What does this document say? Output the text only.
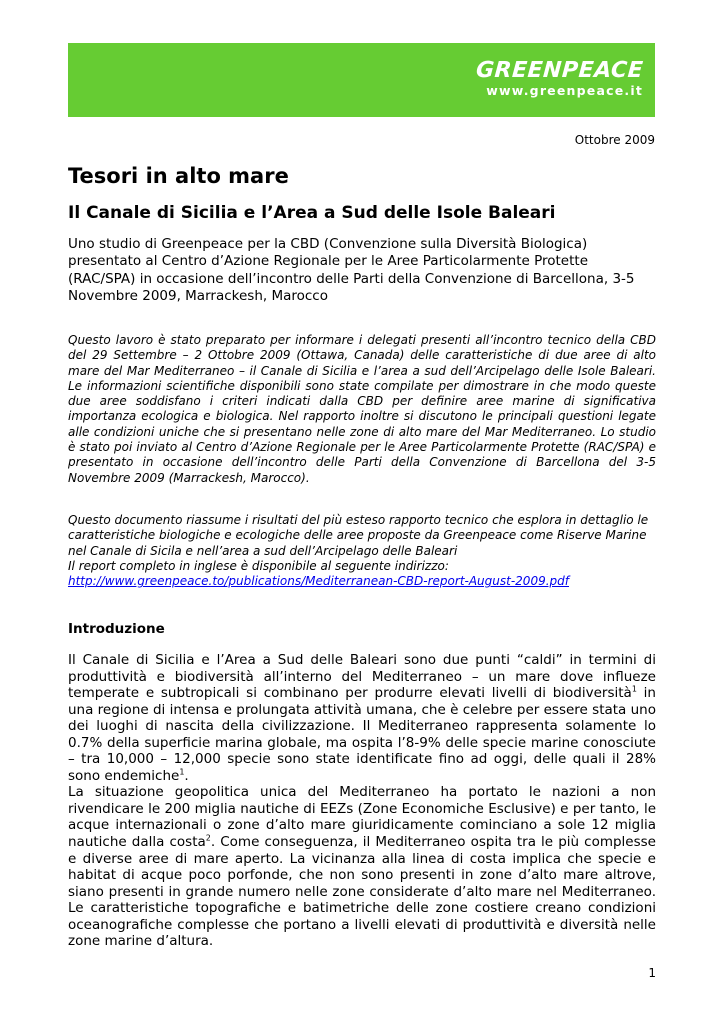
GREENPEACE
www.greenpeace.it
Ottobre 2009
Tesori in alto mare
Il Canale di Sicilia e l’Area a Sud delle Isole Baleari

Uno studio di Greenpeace per la CBD (Convenzione sulla Diversità Biologica) presentato al Centro d’Azione Regionale per le Aree Particolarmente Protette (RAC/SPA) in occasione dell’incontro delle Parti della Convenzione di Barcellona, 3-5 Novembre 2009, Marrackesh, Marocco

Questo lavoro è stato preparato per informare i delegati presenti all’incontro tecnico della CBD del 29 Settembre – 2 Ottobre 2009 (Ottawa, Canada) delle caratteristiche di due aree di alto mare del Mar Mediterraneo – il Canale di Sicilia e l’area a sud dell’Arcipelago delle Isole Baleari. Le informazioni scientifiche disponibili sono state compilate per dimostrare in che modo queste due aree soddisfano i criteri indicati dalla CBD per definire aree marine di significativa importanza ecologica e biologica. Nel rapporto inoltre si discutono le principali questioni legate alle condizioni uniche che si presentano nelle zone di alto mare del Mar Mediterraneo. Lo studio è stato poi inviato al Centro d’Azione Regionale per le Aree Particolarmente Protette (RAC/SPA) e presentato in occasione dell’incontro delle Parti della Convenzione di Barcellona del 3-5 Novembre 2009 (Marrackesh, Marocco).

Questo documento riassume i risultati del più esteso rapporto tecnico che esplora in dettaglio le
caratteristiche biologiche e ecologiche delle aree proposte da Greenpeace come Riserve Marine
nel Canale di Sicila e nell’area a sud dell’Arcipelago delle Baleari
Il report completo in inglese è disponibile al seguente indirizzo:
http://www.greenpeace.to/publications/Mediterranean-CBD-report-August-2009.pdf

Introduzione

Il Canale di Sicilia e l’Area a Sud delle Baleari sono due punti “caldi” in termini di produttività e biodiversità all’interno del Mediterraneo – un mare dove influeze temperate e subtropicali si combinano per produrre elevati livelli di biodiversità$^1$ in una regione di intensa e prolungata attività umana, che è celebre per essere stata uno dei luoghi di nascita della civilizzazione. Il Mediterraneo rappresenta solamente lo 0.7% della superficie marina globale, ma ospita l’8-9% delle specie marine conosciute – tra 10,000 – 12,000 specie sono state identificate fino ad oggi, delle quali il 28% sono endemiche$^1$.

La situazione geopolitica unica del Mediterraneo ha portato le nazioni a non rivendicare le 200 miglia nautiche di EEZs (Zone Economiche Esclusive) e per tanto, le acque internazionali o zone d’alto mare giuridicamente cominciano a sole 12 miglia nautiche dalla costa$^2$. Come conseguenza, il Mediterraneo ospita tra le più complesse e diverse aree di mare aperto. La vicinanza alla linea di costa implica che specie e habitat di acque poco porfonde, che non sono presenti in zone d’alto mare altrove, siano presenti in grande numero nelle zone considerate d’alto mare nel Mediterraneo. Le caratteristiche topografiche e batimetriche delle zone costiere creano condizioni oceanografiche complesse che portano a livelli elevati di produttività e diversità nelle zone marine d’altura.

1
